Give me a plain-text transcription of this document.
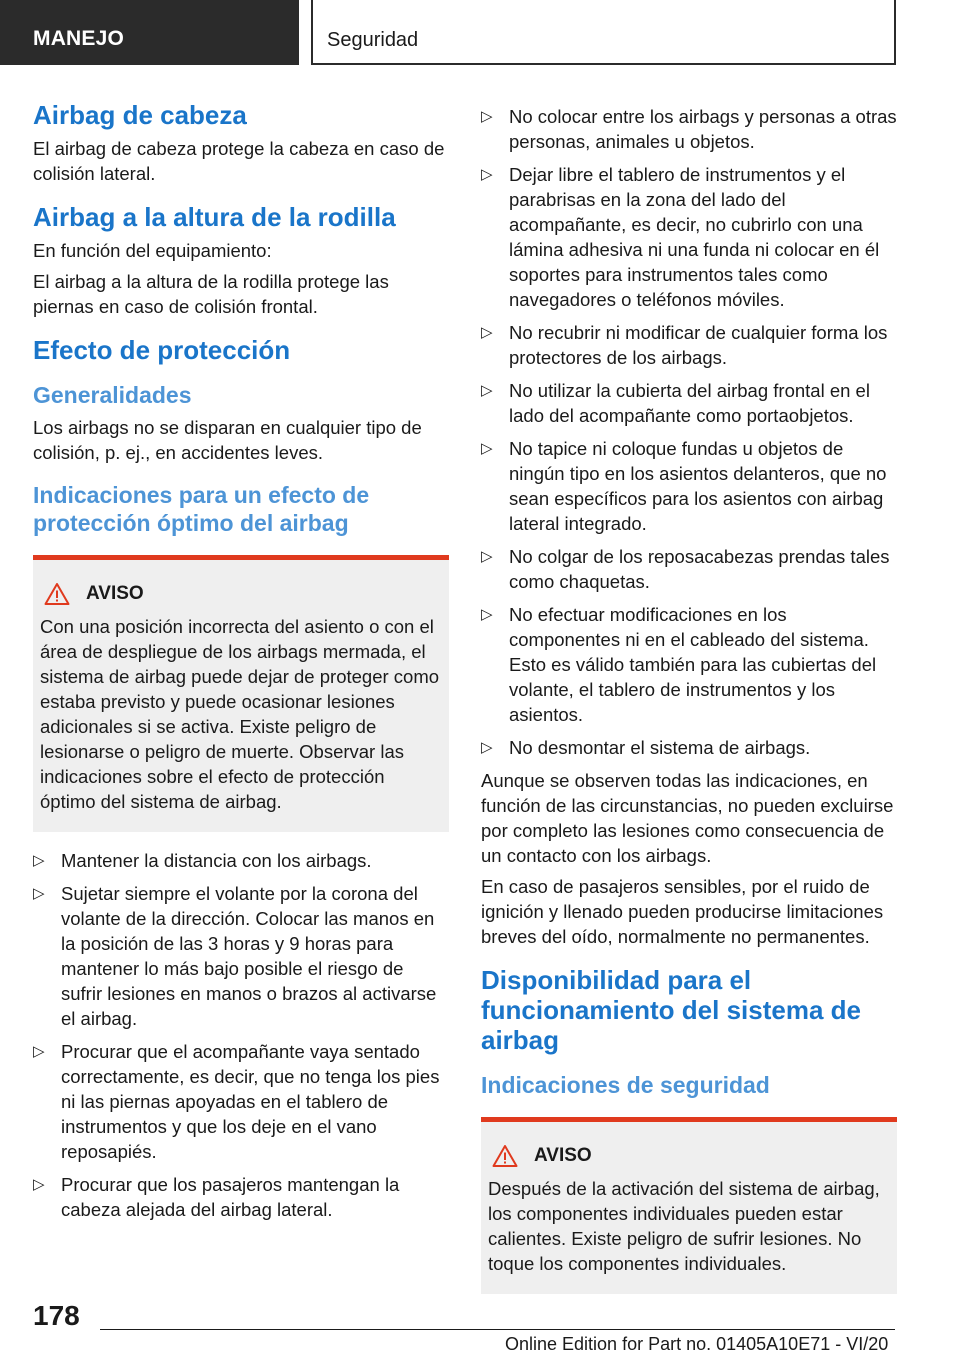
MANEJO	Seguridad
Airbag de cabeza

El airbag de cabeza protege la cabeza en caso de colisión lateral.

Airbag a la altura de la rodilla

En función del equipamiento:

El airbag a la altura de la rodilla protege las piernas en caso de colisión frontal.

Efecto de protección
Generalidades

Los airbags no se disparan en cualquier tipo de colisión, p. ej., en accidentes leves.

Indicaciones para un efecto de protección óptimo del airbag
AVISO

Con una posición incorrecta del asiento o con el área de despliegue de los airbags mermada, el sistema de airbag puede dejar de proteger como estaba previsto y puede ocasionar lesiones adicionales si se activa. Existe peligro de lesionarse o peligro de muerte. Observar las indicaciones sobre el efecto de protección óptimo del sistema de airbag.

▷ Mantener la distancia con los airbags.
▷ Sujetar siempre el volante por la corona del volante de la dirección. Colocar las manos en la posición de las 3 horas y 9 horas para mantener lo más bajo posible el riesgo de sufrir lesiones en manos o brazos al activarse el airbag.
▷ Procurar que el acompañante vaya sentado correctamente, es decir, que no tenga los pies ni las piernas apoyadas en el tablero de instrumentos y que los deje en el vano reposapiés.
▷ Procurar que los pasajeros mantengan la cabeza alejada del airbag lateral.
▷ No colocar entre los airbags y personas a otras personas, animales u objetos.
▷ Dejar libre el tablero de instrumentos y el parabrisas en la zona del lado del acompañante, es decir, no cubrirlo con una lámina adhesiva ni una funda ni colocar en él soportes para instrumentos tales como navegadores o teléfonos móviles.
▷ No recubrir ni modificar de cualquier forma los protectores de los airbags.
▷ No utilizar la cubierta del airbag frontal en el lado del acompañante como portaobjetos.
▷ No tapice ni coloque fundas u objetos de ningún tipo en los asientos delanteros, que no sean específicos para los asientos con airbag lateral integrado.
▷ No colgar de los reposacabezas prendas tales como chaquetas.
▷ No efectuar modificaciones en los componentes ni en el cableado del sistema. Esto es válido también para las cubiertas del volante, el tablero de instrumentos y los asientos.
▷ No desmontar el sistema de airbags.

Aunque se observen todas las indicaciones, en función de las circunstancias, no pueden excluirse por completo las lesiones como consecuencia de un contacto con los airbags.

En caso de pasajeros sensibles, por el ruido de ignición y llenado pueden producirse limitaciones breves del oído, normalmente no permanentes.

Disponibilidad para el funcionamiento del sistema de airbag
Indicaciones de seguridad
AVISO

Después de la activación del sistema de airbag, los componentes individuales pueden estar calientes. Existe peligro de sufrir lesiones. No toque los componentes individuales.

178
Online Edition for Part no. 01405A10E71 - VI/20
